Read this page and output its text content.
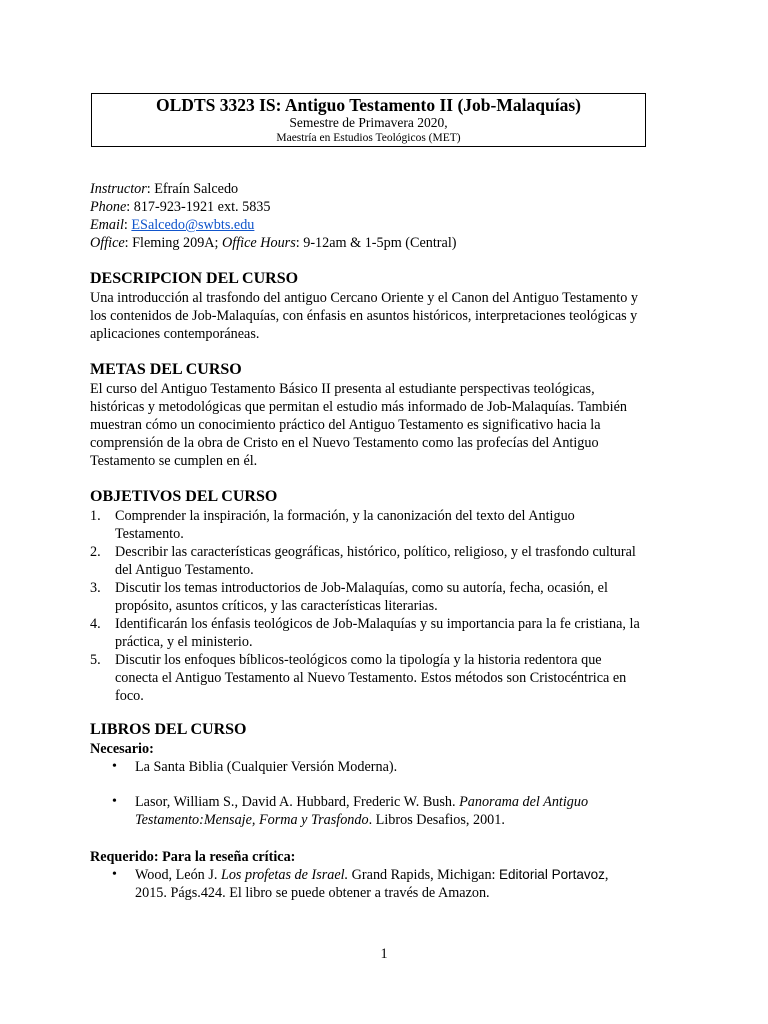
OLDTS 3323 IS: Antiguo Testamento II (Job-Malaquías)
Semestre de Primavera 2020,
Maestría en Estudios Teológicos (MET)
Instructor: Efraín Salcedo
Phone: 817-923-1921 ext. 5835
Email: ESalcedo@swbts.edu
Office: Fleming 209A; Office Hours: 9-12am & 1-5pm (Central)
DESCRIPCION DEL CURSO
Una introducción al trasfondo del antiguo Cercano Oriente y el Canon del Antiguo Testamento y
los contenidos de Job-Malaquías, con énfasis en asuntos históricos, interpretaciones teológicas y
aplicaciones contemporáneas.
METAS DEL CURSO
El curso del Antiguo Testamento Básico II presenta al estudiante perspectivas teológicas,
históricas y metodológicas que permitan el estudio más informado de Job-Malaquías. También
muestran cómo un conocimiento práctico del Antiguo Testamento es significativo hacia la
comprensión de la obra de Cristo en el Nuevo Testamento como las profecías del Antiguo
Testamento se cumplen en él.
OBJETIVOS DEL CURSO
1. Comprender la inspiración, la formación, y la canonización del texto del Antiguo
Testamento.
2. Describir las características geográficas, histórico, político, religioso, y el trasfondo cultural
del Antiguo Testamento.
3. Discutir los temas introductorios de Job-Malaquías, como su autoría, fecha, ocasión, el
propósito, asuntos críticos, y las características literarias.
4. Identificarán los énfasis teológicos de Job-Malaquías y su importancia para la fe cristiana, la
práctica, y el ministerio.
5. Discutir los enfoques bíblicos-teológicos como la tipología y la historia redentora que
conecta el Antiguo Testamento al Nuevo Testamento. Estos métodos son Cristocéntrica en
foco.
LIBROS DEL CURSO
Necesario:
• La Santa Biblia (Cualquier Versión Moderna).
• Lasor, William S., David A. Hubbard, Frederic W. Bush. Panorama del Antiguo
Testamento:Mensaje, Forma y Trasfondo. Libros Desafios, 2001.
Requerido: Para la reseña crítica:
• Wood, León J. Los profetas de Israel. Grand Rapids, Michigan: Editorial Portavoz,
2015. Págs.424. El libro se puede obtener a través de Amazon.
1
